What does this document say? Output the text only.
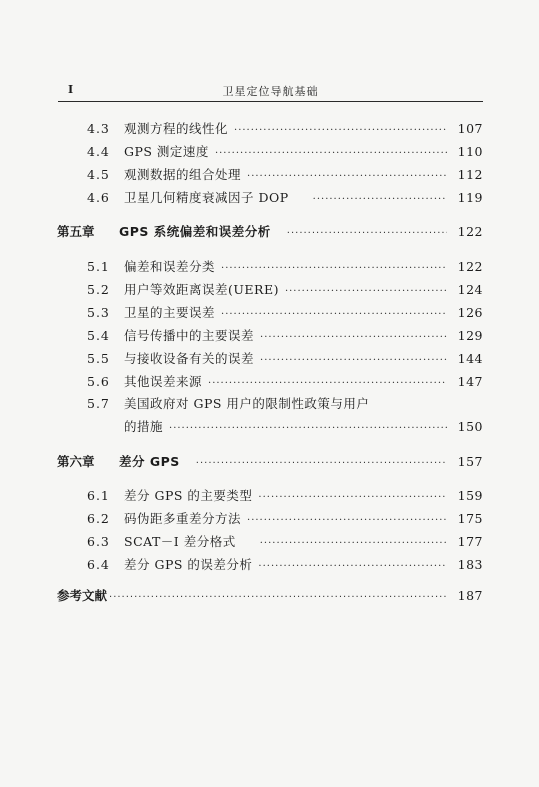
I	卫星定位导航基础
4.3	观测方程的线性化 ·····	107
4.4	GPS 测定速度 ·····	110
4.5	观测数据的组合处理 ·····	112
4.6	卫星几何精度衰减因子 DOP ·····	119
第五章	GPS 系统偏差和误差分析 ·····	122
5.1	偏差和误差分类 ·····	122
5.2	用户等效距离误差(UERE) ·····	124
5.3	卫星的主要误差 ·····	126
5.4	信号传播中的主要误差 ·····	129
5.5	与接收设备有关的误差 ·····	144
5.6	其他误差来源 ·····	147
5.7	美国政府对 GPS 用户的限制性政策与用户
的措施 ·····	150
第六章	差分 GPS ·····	157
6.1	差分 GPS 的主要类型 ·····	159
6.2	码伪距多重差分方法 ·····	175
6.3	SCAT－I 差分格式 ·····	177
6.4	差分 GPS 的误差分析 ·····	183
参考文献 ·····	187
